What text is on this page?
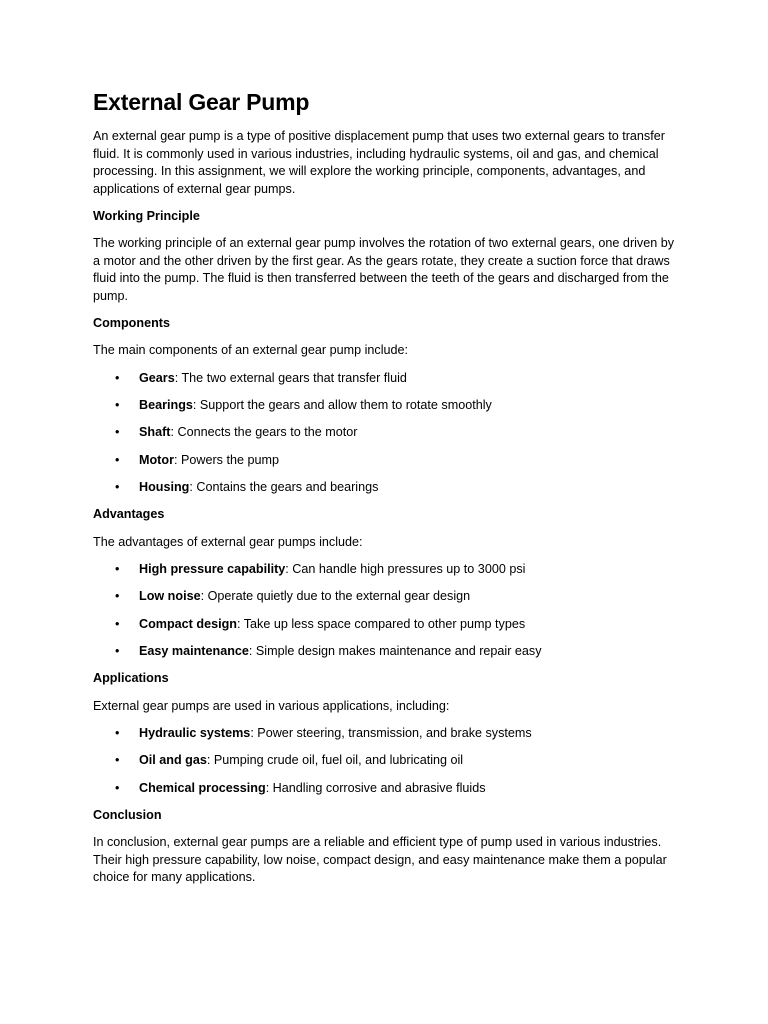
External Gear Pump

An external gear pump is a type of positive displacement pump that uses two external gears to transfer fluid. It is commonly used in various industries, including hydraulic systems, oil and gas, and chemical processing. In this assignment, we will explore the working principle, components, advantages, and applications of external gear pumps.

Working Principle

The working principle of an external gear pump involves the rotation of two external gears, one driven by a motor and the other driven by the first gear. As the gears rotate, they create a suction force that draws fluid into the pump. The fluid is then transferred between the teeth of the gears and discharged from the pump.

Components

The main components of an external gear pump include:

• Gears: The two external gears that transfer fluid
• Bearings: Support the gears and allow them to rotate smoothly
• Shaft: Connects the gears to the motor
• Motor: Powers the pump
• Housing: Contains the gears and bearings
Advantages

The advantages of external gear pumps include:

• High pressure capability: Can handle high pressures up to 3000 psi
• Low noise: Operate quietly due to the external gear design
• Compact design: Take up less space compared to other pump types
• Easy maintenance: Simple design makes maintenance and repair easy
Applications

External gear pumps are used in various applications, including:

• Hydraulic systems: Power steering, transmission, and brake systems
• Oil and gas: Pumping crude oil, fuel oil, and lubricating oil
• Chemical processing: Handling corrosive and abrasive fluids
Conclusion

In conclusion, external gear pumps are a reliable and efficient type of pump used in various industries. Their high pressure capability, low noise, compact design, and easy maintenance make them a popular choice for many applications.
